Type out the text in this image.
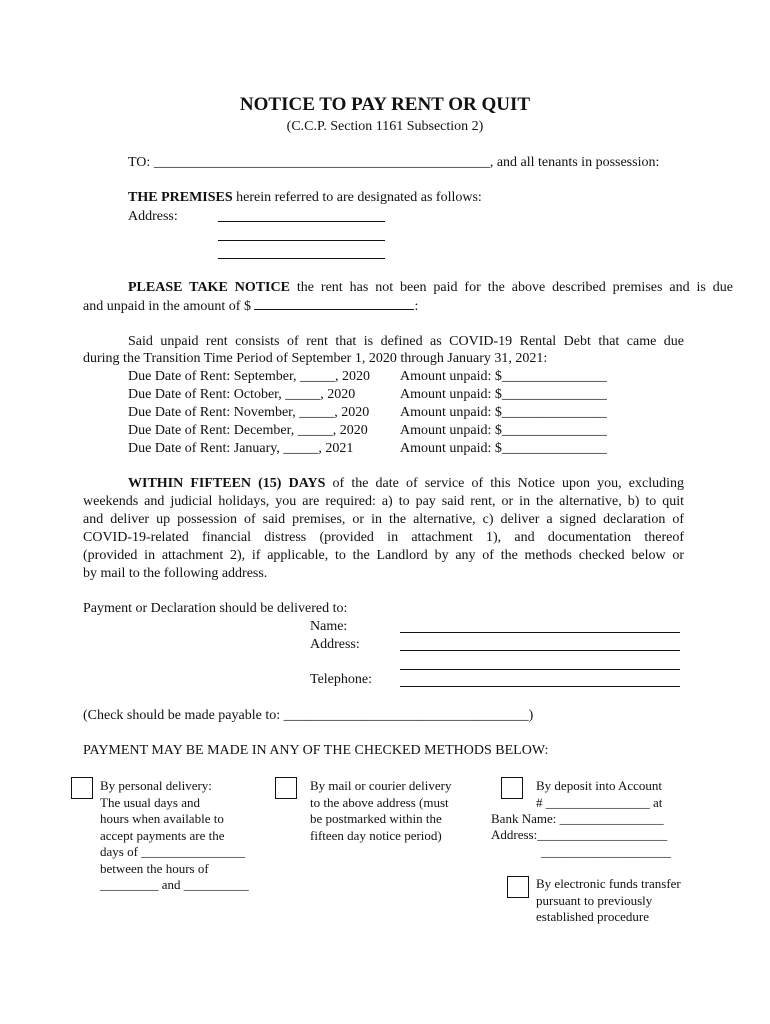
NOTICE TO PAY RENT OR QUIT
(C.C.P. Section 1161 Subsection 2)
TO: ________________________________________________, and all tenants in possession:
THE PREMISES herein referred to are designated as follows:
Address:
PLEASE TAKE NOTICE the rent has not been paid for the above described premises and is due
and unpaid in the amount of $	:
Said unpaid rent consists of rent that is defined as COVID-19 Rental Debt that came due
during the Transition Time Period of September 1, 2020 through January 31, 2021:
Due Date of Rent: September, _____, 2020 Amount unpaid: $_______________
Due Date of Rent: October, _____, 2020	Amount unpaid: $_______________
Due Date of Rent: November, _____, 2020 Amount unpaid: $_______________
Due Date of Rent: December, _____, 2020 Amount unpaid: $_______________
Due Date of Rent: January, _____, 2021	Amount unpaid: $_______________
WITHIN FIFTEEN (15) DAYS of the date of service of this Notice upon you, excluding
weekends and judicial holidays, you are required: a) to pay said rent, or in the alternative, b) to quit
and deliver up possession of said premises, or in the alternative, c) deliver a signed declaration of
COVID-19-related financial distress (provided in attachment 1), and documentation thereof
(provided in attachment 2), if applicable, to the Landlord by any of the methods checked below or
by mail to the following address.
Payment or Declaration should be delivered to:
Name:
Address:
Telephone:
(Check should be made payable to: ___________________________________)
PAYMENT MAY BE MADE IN ANY OF THE CHECKED METHODS BELOW:
By personal delivery:
The usual days and
hours when available to
accept payments are the
days of ________________
between the hours of
_________ and __________
By mail or courier delivery
to the above address (must
be postmarked within the
fifteen day notice period)
By deposit into Account
# ________________ at
Bank Name: ________________
Address:____________________
____________________
By electronic funds transfer
pursuant to previously
established procedure
